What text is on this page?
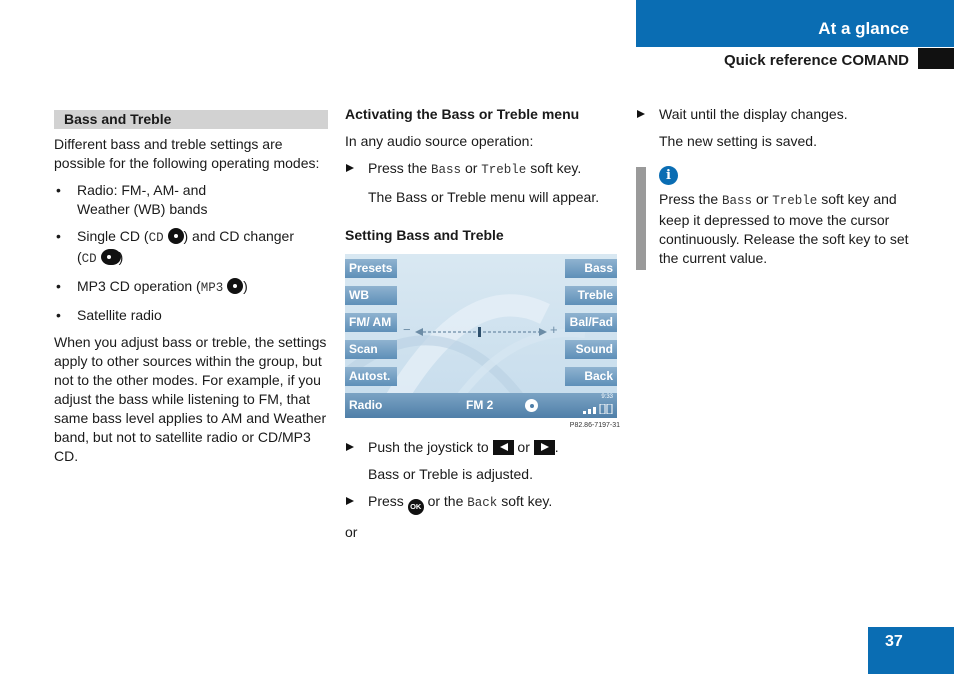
At a glance
Quick reference COMAND
Bass and Treble

Different bass and treble settings are possible for the following operating modes:

• Radio: FM-, AM- and
Weather (WB) bands
• Single CD (CD ) and CD changer
(CD )
• MP3 CD operation (MP3 )
• Satellite radio

When you adjust bass or treble, the settings apply to other sources within the group, but not to the other modes. For example, if you adjust the bass while listening to FM, that same bass level applies to AM and Weather band, but not to satellite radio or CD/MP3 CD.

Activating the Bass or Treble menu

In any audio source operation:

Press the Bass or Treble soft key.

The Bass or Treble menu will appear.

Setting Bass and Treble
Presets
WB
FM/ AM
Scan
Autost.
Bass
Treble
Bal/Fad
Sound
Back
−	+
Radio	FM 2
9:33
P82.86-7197-31
Push the joystick to or .

Bass or Treble is adjusted.

Press OK or the Back soft key.

or

Wait until the display changes.

The new setting is saved.

i

Press the Bass or Treble soft key and keep it depressed to move the cursor continuously. Release the soft key to set the current value.

37
